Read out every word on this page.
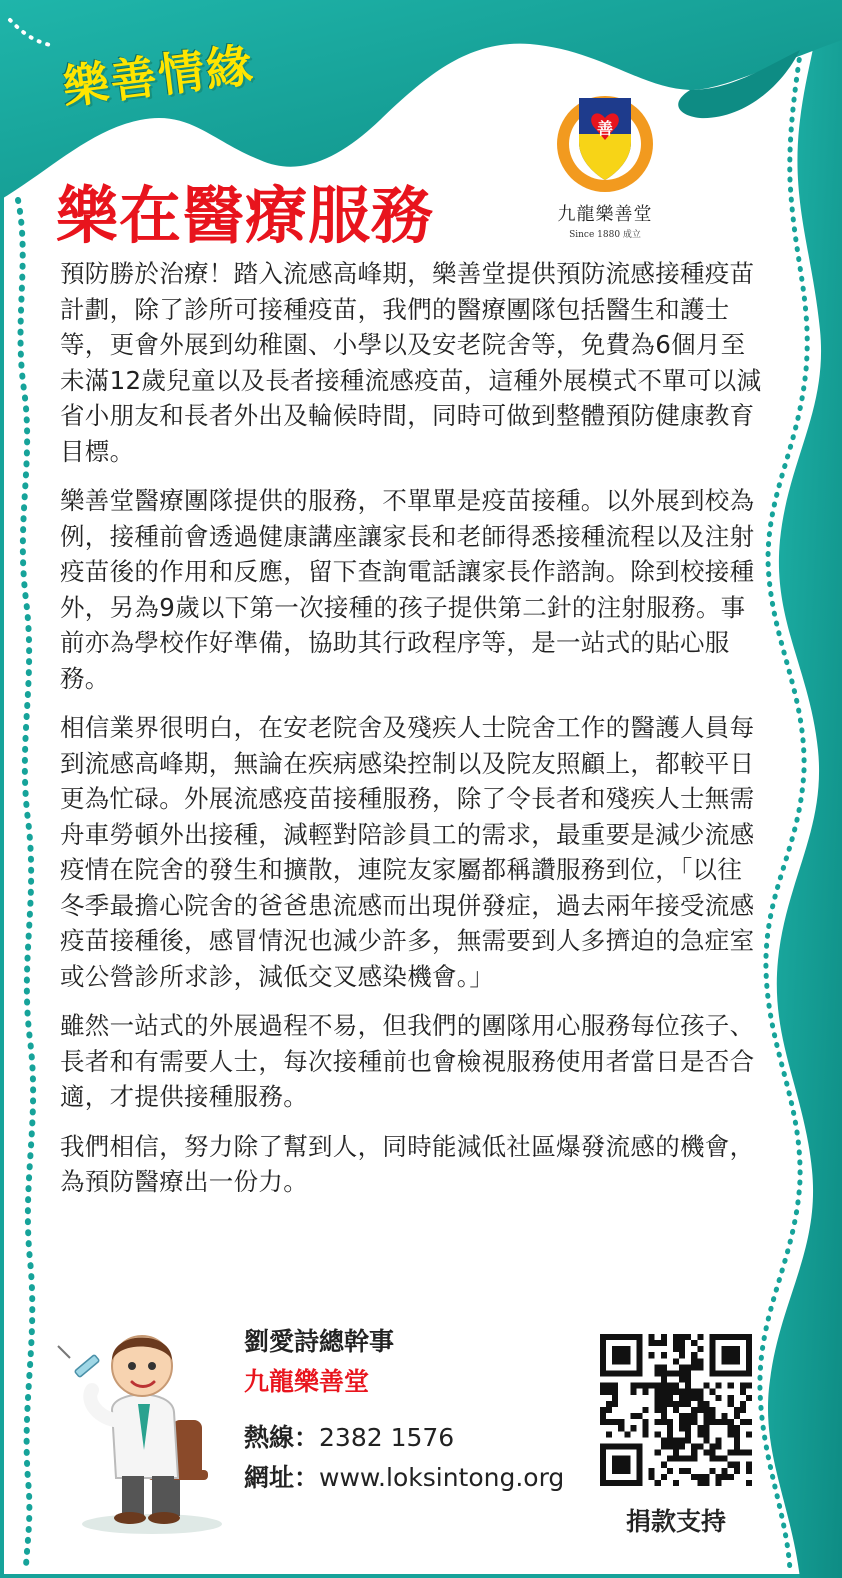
樂善情緣
樂在醫療服務
善
九龍樂善堂
Since 1880 成立

預防勝於治療！踏入流感高峰期，樂善堂提供預防流感接種疫苗計劃，除了診所可接種疫苗，我們的醫療團隊包括醫生和護士等，更會外展到幼稚園、小學以及安老院舍等，免費為6個月至未滿12歲兒童以及長者接種流感疫苗，這種外展模式不單可以減省小朋友和長者外出及輪候時間，同時可做到整體預防健康教育目標。

樂善堂醫療團隊提供的服務，不單單是疫苗接種。以外展到校為例，接種前會透過健康講座讓家長和老師得悉接種流程以及注射疫苗後的作用和反應，留下查詢電話讓家長作諮詢。除到校接種外，另為9歲以下第一次接種的孩子提供第二針的注射服務。事前亦為學校作好準備，協助其行政程序等，是一站式的貼心服務。

相信業界很明白，在安老院舍及殘疾人士院舍工作的醫護人員每到流感高峰期，無論在疾病感染控制以及院友照顧上，都較平日更為忙碌。外展流感疫苗接種服務，除了令長者和殘疾人士無需舟車勞頓外出接種，減輕對陪診員工的需求，最重要是減少流感疫情在院舍的發生和擴散，連院友家屬都稱讚服務到位，「以往冬季最擔心院舍的爸爸患流感而出現併發症，過去兩年接受流感疫苗接種後，感冒情況也減少許多，無需要到人多擠迫的急症室或公營診所求診，減低交叉感染機會。」

雖然一站式的外展過程不易，但我們的團隊用心服務每位孩子、長者和有需要人士，每次接種前也會檢視服務使用者當日是否合適，才提供接種服務。

我們相信，努力除了幫到人，同時能減低社區爆發流感的機會，為預防醫療出一份力。

劉愛詩總幹事
九龍樂善堂
熱線：2382 1576
網址：www.loksintong.org
捐款支持
